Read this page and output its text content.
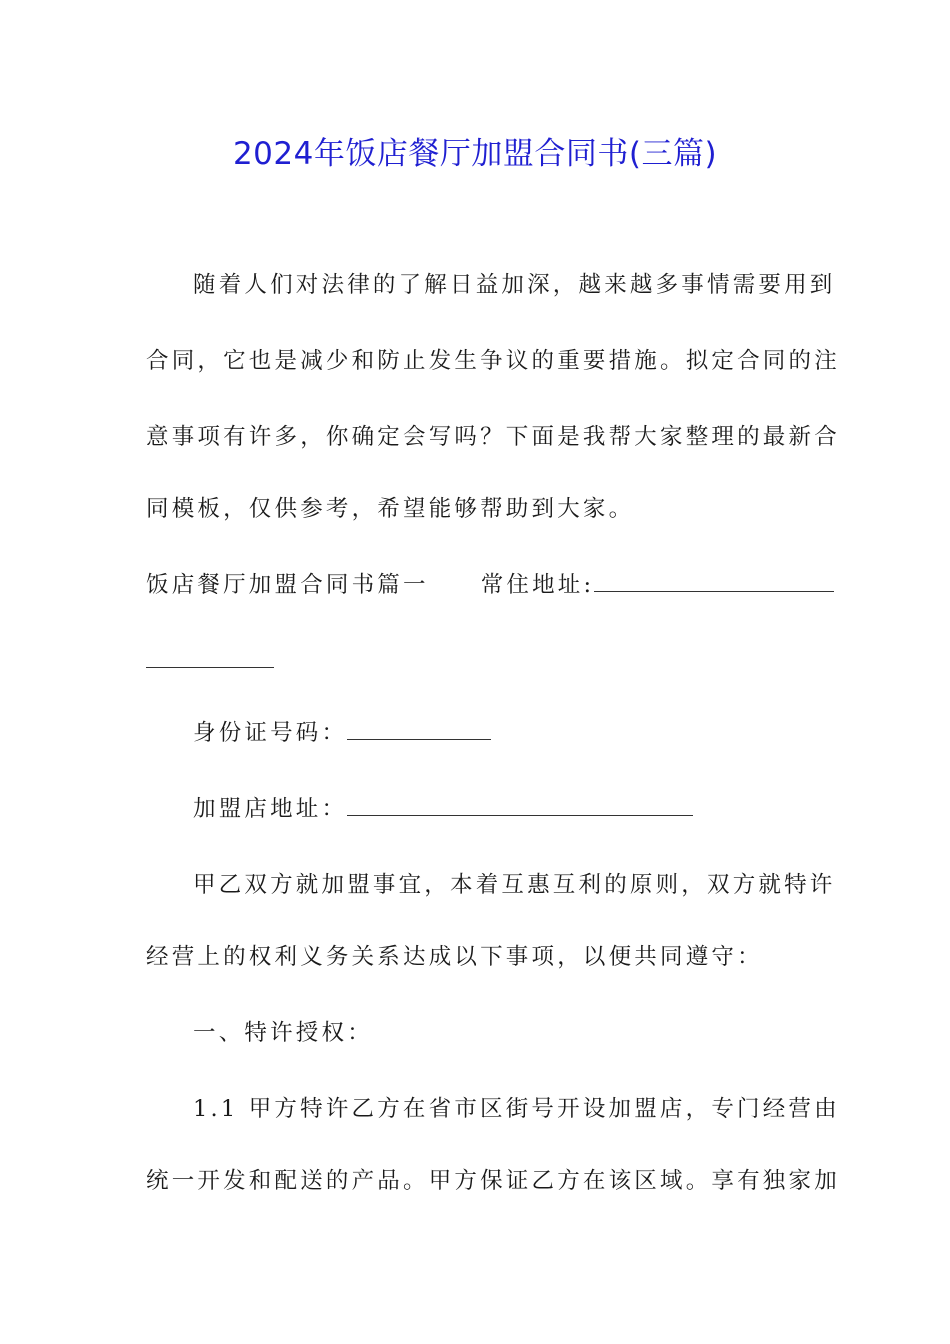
2024年饭店餐厅加盟合同书(三篇)
随着人们对法律的了解日益加深，越来越多事情需要用到
合同，它也是减少和防止发生争议的重要措施。拟定合同的注
意事项有许多，你确定会写吗？下面是我帮大家整理的最新合
同模板，仅供参考，希望能够帮助到大家。
饭店餐厅加盟合同书篇一 常住地址:
身份证号码：
加盟店地址：
甲乙双方就加盟事宜，本着互惠互利的原则，双方就特许
经营上的权利义务关系达成以下事项，以便共同遵守：
一、特许授权：
1.1 甲方特许乙方在省市区街号开设加盟店，专门经营由
统一开发和配送的产品。甲方保证乙方在该区域。享有独家加
